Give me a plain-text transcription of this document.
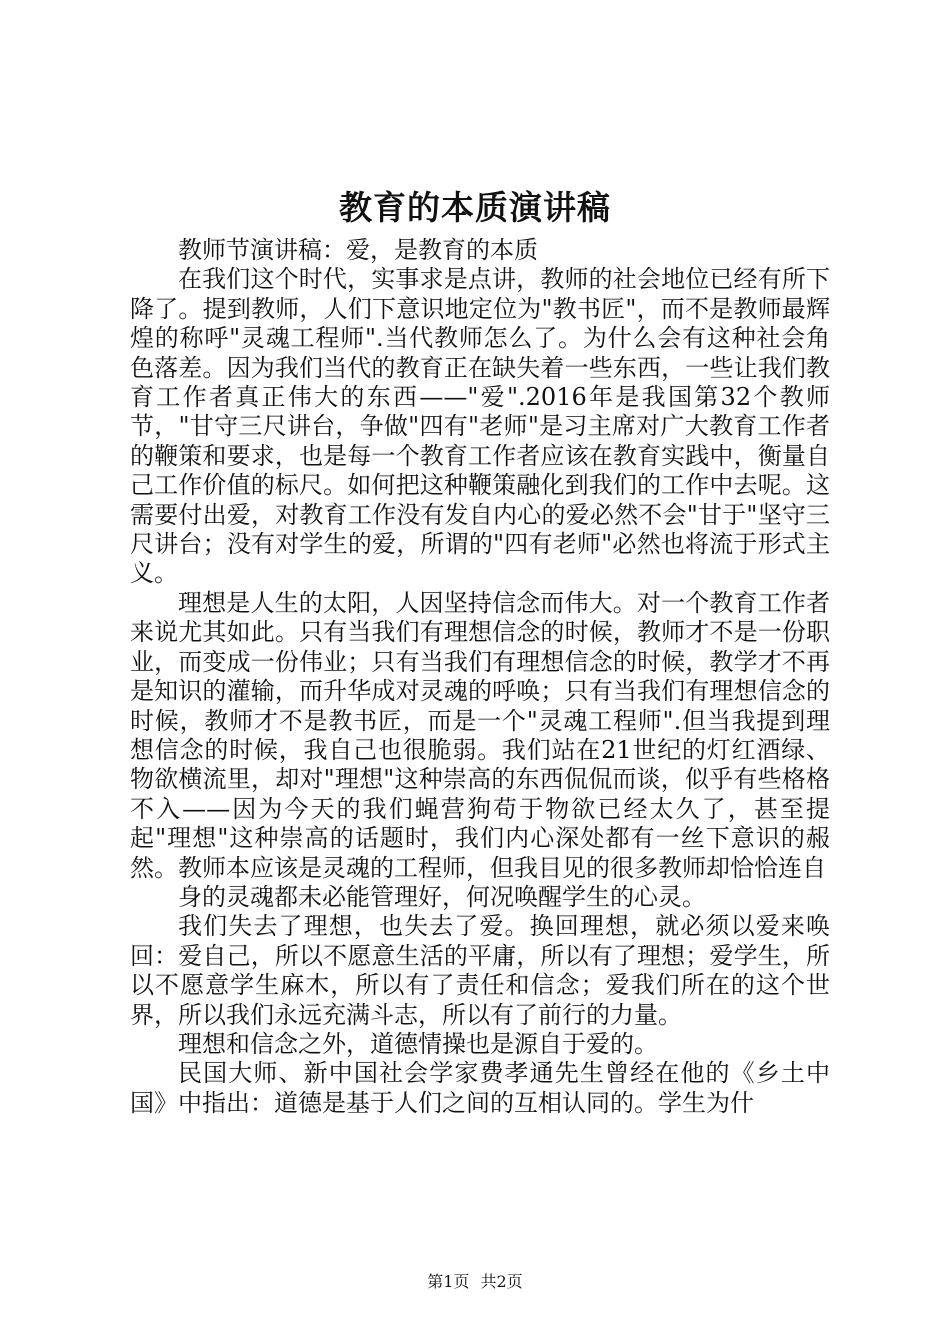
教育的本质演讲稿

教师节演讲稿：爱，是教育的本质

在我们这个时代，实事求是点讲，教师的社会地位已经有所下降了。提到教师，人们下意识地定位为"教书匠"，而不是教师最辉煌的称呼"灵魂工程师".当代教师怎么了。为什么会有这种社会角色落差。因为我们当代的教育正在缺失着一些东西，一些让我们教育工作者真正伟大的东西——"爱".2016年是我国第32个教师节，"甘守三尺讲台，争做"四有"老师"是习主席对广大教育工作者的鞭策和要求，也是每一个教育工作者应该在教育实践中，衡量自己工作价值的标尺。如何把这种鞭策融化到我们的工作中去呢。这需要付出爱，对教育工作没有发自内心的爱必然不会"甘于"坚守三尺讲台；没有对学生的爱，所谓的"四有老师"必然也将流于形式主义。

理想是人生的太阳，人因坚持信念而伟大。对一个教育工作者来说尤其如此。只有当我们有理想信念的时候，教师才不是一份职业，而变成一份伟业；只有当我们有理想信念的时候，教学才不再是知识的灌输，而升华成对灵魂的呼唤；只有当我们有理想信念的时候，教师才不是教书匠，而是一个"灵魂工程师".但当我提到理想信念的时候，我自己也很脆弱。我们站在21世纪的灯红酒绿、物欲横流里，却对"理想"这种崇高的东西侃侃而谈，似乎有些格格不入——因为今天的我们蝇营狗苟于物欲已经太久了，甚至提起"理想"这种崇高的话题时，我们内心深处都有一丝下意识的赧然。教师本应该是灵魂的工程师，但我目见的很多教师却恰恰连自

身的灵魂都未必能管理好，何况唤醒学生的心灵。

我们失去了理想，也失去了爱。换回理想，就必须以爱来唤回：爱自己，所以不愿意生活的平庸，所以有了理想；爱学生，所以不愿意学生麻木，所以有了责任和信念；爱我们所在的这个世界，所以我们永远充满斗志，所以有了前行的力量。

理想和信念之外，道德情操也是源自于爱的。

民国大师、新中国社会学家费孝通先生曾经在他的《乡土中国》中指出：道德是基于人们之间的互相认同的。学生为什

第1页 共2页
